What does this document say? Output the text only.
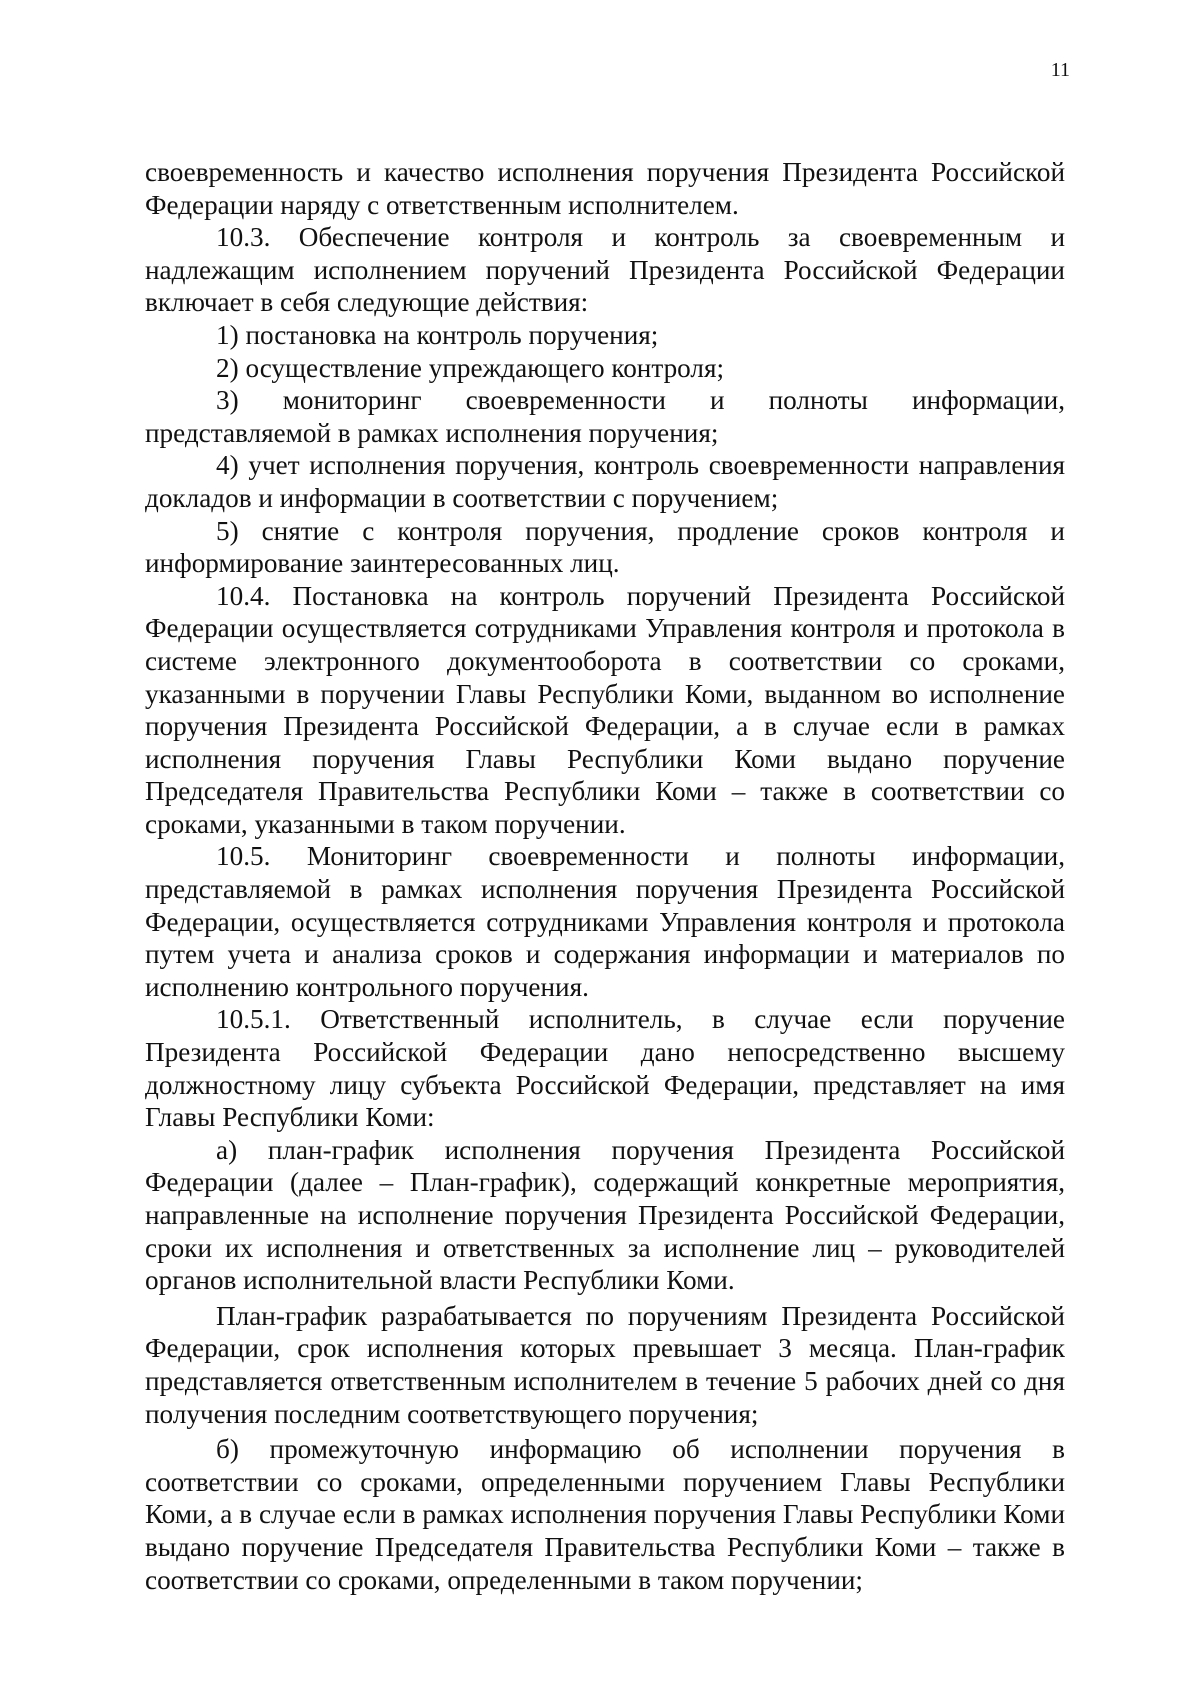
11

своевременность и качество исполнения поручения Президента Российской Федерации наряду с ответственным исполнителем.

10.3. Обеспечение контроля и контроль за своевременным и надлежащим исполнением поручений Президента Российской Федерации включает в себя следующие действия:

1) постановка на контроль поручения;

2) осуществление упреждающего контроля;

3) мониторинг своевременности и полноты информации, представляемой в рамках исполнения поручения;

4) учет исполнения поручения, контроль своевременности направления докладов и информации в соответствии с поручением;

5) снятие с контроля поручения, продление сроков контроля и информирование заинтересованных лиц.

10.4. Постановка на контроль поручений Президента Российской Федерации осуществляется сотрудниками Управления контроля и протокола в системе электронного документооборота в соответствии со сроками, указанными в поручении Главы Республики Коми, выданном во исполнение поручения Президента Российской Федерации, а в случае если в рамках исполнения поручения Главы Республики Коми выдано поручение Председателя Правительства Республики Коми – также в соответствии со сроками, указанными в таком поручении.

10.5. Мониторинг своевременности и полноты информации, представляемой в рамках исполнения поручения Президента Российской Федерации, осуществляется сотрудниками Управления контроля и протокола путем учета и анализа сроков и содержания информации и материалов по исполнению контрольного поручения.

10.5.1. Ответственный исполнитель, в случае если поручение Президента Российской Федерации дано непосредственно высшему должностному лицу субъекта Российской Федерации, представляет на имя Главы Республики Коми:

а) план-график исполнения поручения Президента Российской Федерации (далее – План-график), содержащий конкретные мероприятия, направленные на исполнение поручения Президента Российской Федерации, сроки их исполнения и ответственных за исполнение лиц – руководителей органов исполнительной власти Республики Коми.

План-график разрабатывается по поручениям Президента Российской Федерации, срок исполнения которых превышает 3 месяца. План-график представляется ответственным исполнителем в течение 5 рабочих дней со дня получения последним соответствующего поручения;

б) промежуточную информацию об исполнении поручения в соответствии со сроками, определенными поручением Главы Республики Коми, а в случае если в рамках исполнения поручения Главы Республики Коми выдано поручение Председателя Правительства Республики Коми – также в соответствии со сроками, определенными в таком поручении;
